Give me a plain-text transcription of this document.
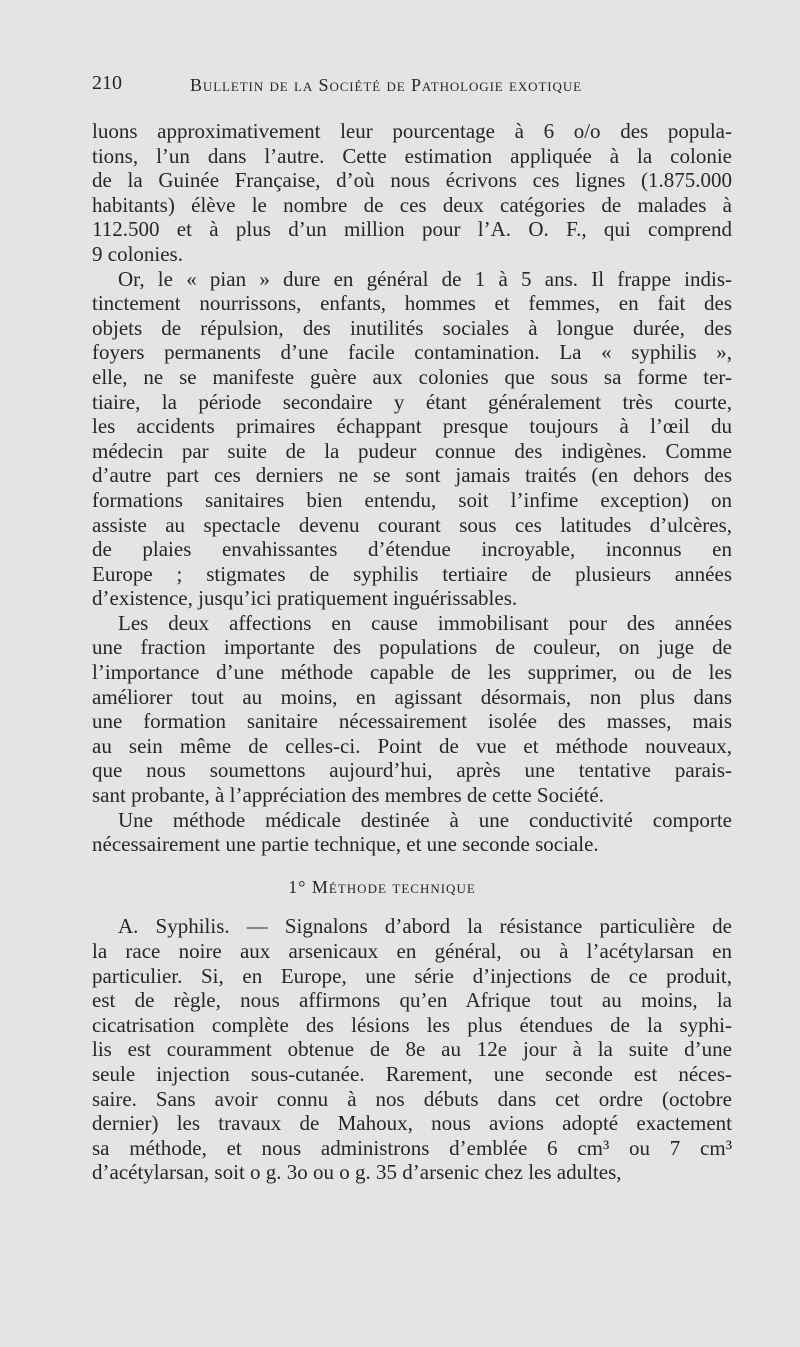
210	Bulletin de la Société de Pathologie exotique
luons approximativement leur pourcentage à 6 o/o des popula-
tions, l’un dans l’autre. Cette estimation appliquée à la colonie
de la Guinée Française, d’où nous écrivons ces lignes (1.875.000
habitants) élève le nombre de ces deux catégories de malades à
112.500 et à plus d’un million pour l’A. O. F., qui comprend
9 colonies.
Or, le « pian » dure en général de 1 à 5 ans. Il frappe indis-
tinctement nourrissons, enfants, hommes et femmes, en fait des
objets de répulsion, des inutilités sociales à longue durée, des
foyers permanents d’une facile contamination. La « syphilis »,
elle, ne se manifeste guère aux colonies que sous sa forme ter-
tiaire, la période secondaire y étant généralement très courte,
les accidents primaires échappant presque toujours à l’œil du
médecin par suite de la pudeur connue des indigènes. Comme
d’autre part ces derniers ne se sont jamais traités (en dehors des
formations sanitaires bien entendu, soit l’infime exception) on
assiste au spectacle devenu courant sous ces latitudes d’ulcères,
de plaies envahissantes d’étendue incroyable, inconnus en
Europe ; stigmates de syphilis tertiaire de plusieurs années
d’existence, jusqu’ici pratiquement inguérissables.
Les deux affections en cause immobilisant pour des années
une fraction importante des populations de couleur, on juge de
l’importance d’une méthode capable de les supprimer, ou de les
améliorer tout au moins, en agissant désormais, non plus dans
une formation sanitaire nécessairement isolée des masses, mais
au sein même de celles-ci. Point de vue et méthode nouveaux,
que nous soumettons aujourd’hui, après une tentative parais-
sant probante, à l’appréciation des membres de cette Société.
Une méthode médicale destinée à une conductivité comporte
nécessairement une partie technique, et une seconde sociale.
1° Méthode technique
A. Syphilis. — Signalons d’abord la résistance particulière de
la race noire aux arsenicaux en général, ou à l’acétylarsan en
particulier. Si, en Europe, une série d’injections de ce produit,
est de règle, nous affirmons qu’en Afrique tout au moins, la
cicatrisation complète des lésions les plus étendues de la syphi-
lis est couramment obtenue de 8e au 12e jour à la suite d’une
seule injection sous-cutanée. Rarement, une seconde est néces-
saire. Sans avoir connu à nos débuts dans cet ordre (octobre
dernier) les travaux de Mahoux, nous avions adopté exactement
sa méthode, et nous administrons d’emblée 6 cm³ ou 7 cm³
d’acétylarsan, soit o g. 3o ou o g. 35 d’arsenic chez les adultes,
